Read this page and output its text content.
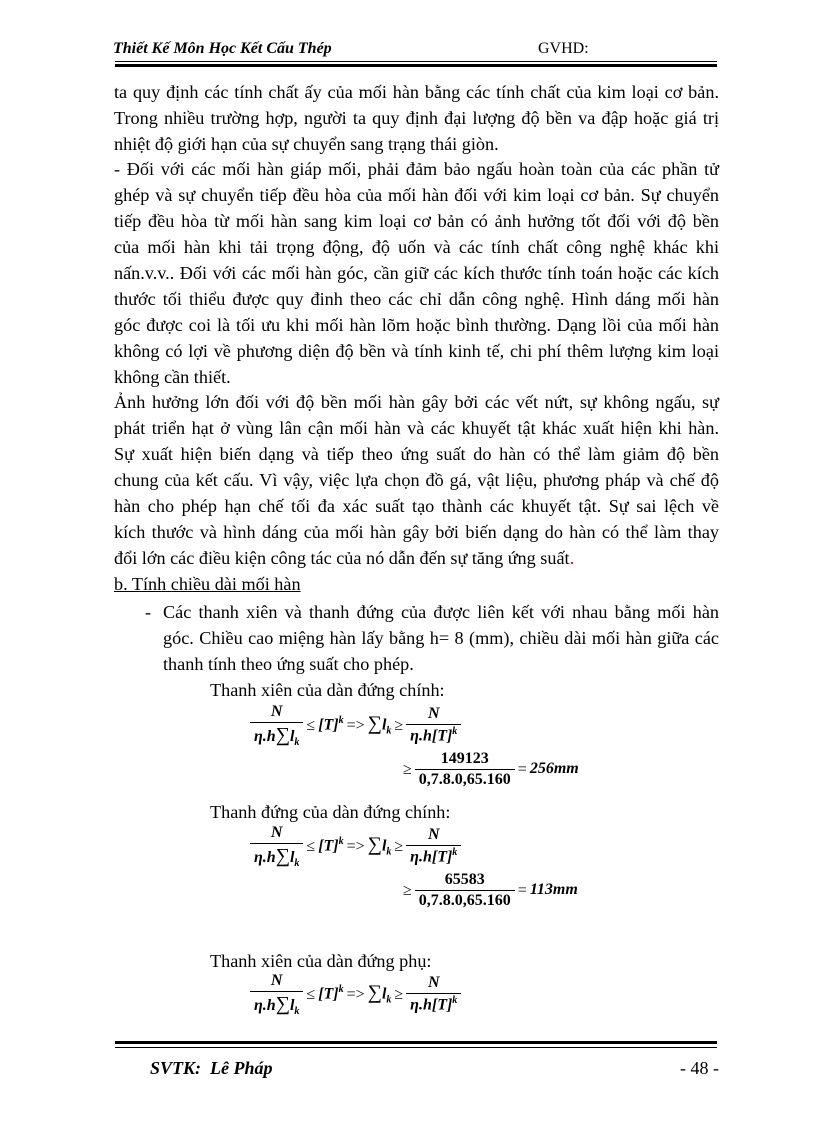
Thiết Kế Môn Học Kết Cấu Thép	GVHD:
ta quy định các tính chất ấy của mối hàn bằng các tính chất của kim loại cơ bản.
Trong nhiều trường hợp, người ta quy định đại lượng độ bền va đập hoặc giá trị
nhiệt độ giới hạn của sự chuyển sang trạng thái giòn.
- Đối với các mối hàn giáp mối, phải đảm bảo ngấu hoàn toàn của các phần tử
ghép và sự chuyển tiếp đều hòa của mối hàn đối với kim loại cơ bản. Sự chuyển
tiếp đều hòa từ mối hàn sang kim loại cơ bản có ảnh hưởng tốt đối với độ bền
của mối hàn khi tải trọng động, độ uốn và các tính chất công nghệ khác khi
nấn.v.v.. Đối với các mối hàn góc, cần giữ các kích thước tính toán hoặc các kích
thước tối thiểu được quy đinh theo các chỉ dẫn công nghệ. Hình dáng mối hàn
góc được coi là tối ưu khi mối hàn lõm hoặc bình thường. Dạng lồi của mối hàn
không có lợi về phương diện độ bền và tính kinh tế, chi phí thêm lượng kim loại
không cần thiết.
Ảnh hưởng lớn đối với độ bền mối hàn gây bởi các vết nứt, sự không ngấu, sự
phát triển hạt ở vùng lân cận mối hàn và các khuyết tật khác xuất hiện khi hàn.
Sự xuất hiện biến dạng và tiếp theo ứng suất do hàn có thể làm giảm độ bền
chung của kết cấu. Vì vậy, việc lựa chọn đồ gá, vật liệu, phương pháp và chế độ
hàn cho phép hạn chế tối đa xác suất tạo thành các khuyết tật. Sự sai lệch về
kích thước và hình dáng của mối hàn gây bởi biến dạng do hàn có thể làm thay
đổi lớn các điều kiện công tác của nó dẫn đến sự tăng ứng suất.
b. Tính chiều dài mối hàn
- Các thanh xiên và thanh đứng của được liên kết với nhau bằng mối hàn
góc. Chiều cao miệng hàn lấy bằng h= 8 (mm), chiều dài mối hàn giữa các
thanh tính theo ứng suất cho phép.
Thanh xiên của dàn đứng chính:
$\frac{N}{\eta.h\sum l_k} \le [T]^k => \sum l_k \ge \frac{N}{\eta.h[T]^k}$
≥ $\frac{149123}{0,7.8.0,65.160} = 256mm$
Thanh đứng của dàn đứng chính:
$\frac{N}{\eta.h\sum l_k} \le [T]^k => \sum l_k \ge \frac{N}{\eta.h[T]^k}$
≥ $\frac{65583}{0,7.8.0,65.160} = 113mm$
Thanh xiên của dàn đứng phụ:
$\frac{N}{\eta.h\sum l_k} \le [T]^k => \sum l_k \ge \frac{N}{\eta.h[T]^k}$
SVTK: Lê Pháp	- 48 -
